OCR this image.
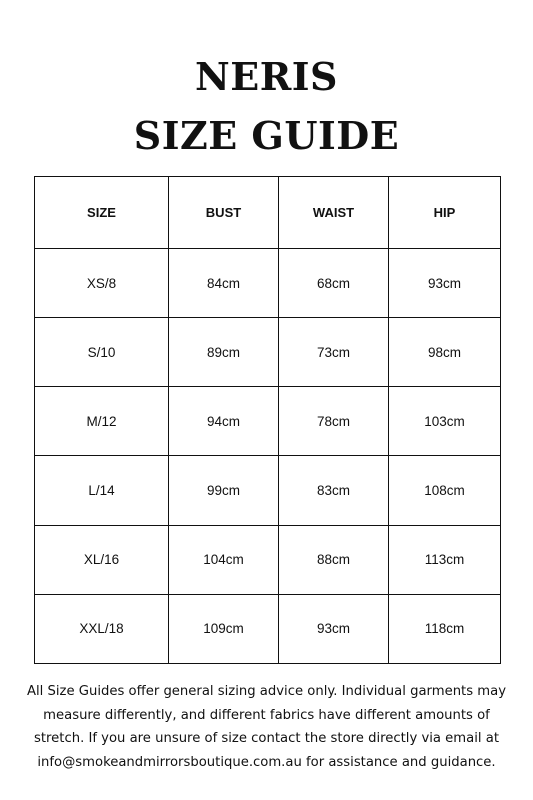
NERIS
SIZE GUIDE
SIZE	BUST	WAIST	HIP
XS/8	84cm	68cm	93cm
S/10	89cm	73cm	98cm
M/12	94cm	78cm	103cm
L/14	99cm	83cm	108cm
XL/16	104cm	88cm	113cm
XXL/18	109cm	93cm	118cm

All Size Guides offer general sizing advice only. Individual garments may
measure differently, and different fabrics have different amounts of
stretch. If you are unsure of size contact the store directly via email at
info@smokeandmirrorsboutique.com.au for assistance and guidance.
